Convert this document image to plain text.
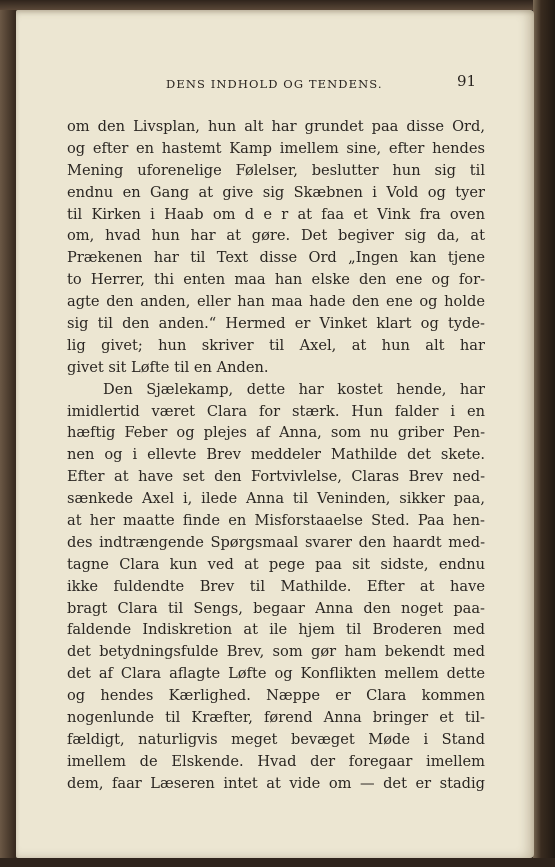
DENS INDHOLD OG TENDENS.	91
om den Livsplan, hun alt har grundet paa disse Ord,
og efter en hastemt Kamp imellem sine, efter hendes
Mening uforenelige Følelser, beslutter hun sig til
endnu en Gang at give sig Skæbnen i Vold og tyer
til Kirken i Haab om d e r at faa et Vink fra oven
om, hvad hun har at gøre. Det begiver sig da, at
Prækenen har til Text disse Ord „Ingen kan tjene
to Herrer, thi enten maa han elske den ene og for-
agte den anden, eller han maa hade den ene og holde
sig til den anden.“ Hermed er Vinket klart og tyde-
lig givet; hun skriver til Axel, at hun alt har
givet sit Løfte til en Anden.
Den Sjælekamp, dette har kostet hende, har
imidlertid været Clara for stærk. Hun falder i en
hæftig Feber og plejes af Anna, som nu griber Pen-
nen og i ellevte Brev meddeler Mathilde det skete.
Efter at have set den Fortvivlelse, Claras Brev ned-
sænkede Axel i, ilede Anna til Veninden, sikker paa,
at her maatte finde en Misforstaaelse Sted. Paa hen-
des indtrængende Spørgsmaal svarer den haardt med-
tagne Clara kun ved at pege paa sit sidste, endnu
ikke fuldendte Brev til Mathilde. Efter at have
bragt Clara til Sengs, begaar Anna den noget paa-
faldende Indiskretion at ile hjem til Broderen med
det betydningsfulde Brev, som gør ham bekendt med
det af Clara aflagte Løfte og Konflikten mellem dette
og hendes Kærlighed. Næppe er Clara kommen
nogenlunde til Kræfter, førend Anna bringer et til-
fældigt, naturligvis meget bevæget Møde i Stand
imellem de Elskende. Hvad der foregaar imellem
dem, faar Læseren intet at vide om — det er stadig
